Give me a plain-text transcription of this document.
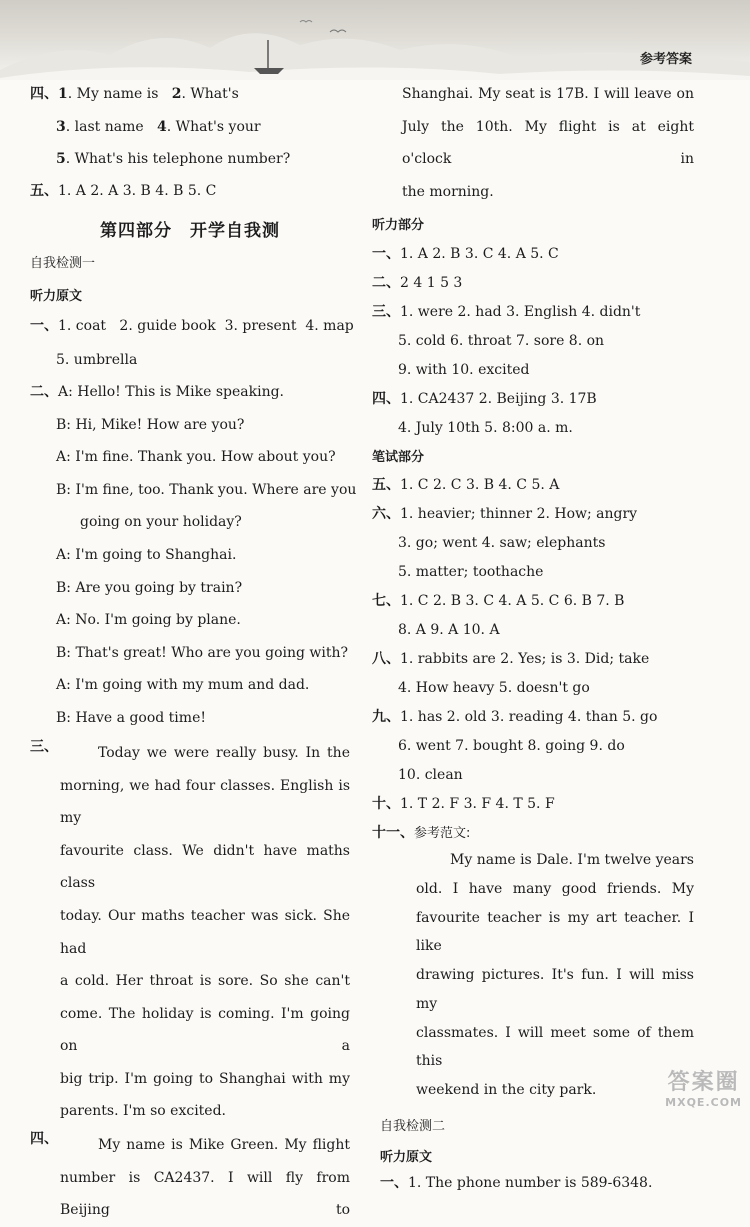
参考答案
四、1. My name is 2. What's
3. last name 4. What's your
5. What's his telephone number?
五、1. A 2. A 3. B 4. B 5. C
第四部分　开学自我测
自我检测一
听力原文
一、1. coat 2. guide book 3. present 4. map
5. umbrella
二、A: Hello! This is Mike speaking.
B: Hi, Mike! How are you?
A: I'm fine. Thank you. How about you?
B: I'm fine, too. Thank you. Where are you
going on your holiday?
A: I'm going to Shanghai.
B: Are you going by train?
A: No. I'm going by plane.
B: That's great! Who are you going with?
A: I'm going with my mum and dad.
B: Have a good time!
三、	Today we were really busy. In the
morning, we had four classes. English is my
favourite class. We didn't have maths class
today. Our maths teacher was sick. She had
a cold. Her throat is sore. So she can't
come. The holiday is coming. I'm going on a
big trip. I'm going to Shanghai with my
parents. I'm so excited.
四、	My name is Mike Green. My flight
number is CA2437. I will fly from Beijing to
Shanghai. My seat is 17B. I will leave on
July the 10th. My flight is at eight o'clock in
the morning.
听力部分
一、1. A 2. B 3. C 4. A 5. C
二、2 4 1 5 3
三、1. were 2. had 3. English 4. didn't
5. cold 6. throat 7. sore 8. on
9. with 10. excited
四、1. CA2437 2. Beijing 3. 17B
4. July 10th 5. 8:00 a. m.
笔试部分
五、1. C 2. C 3. B 4. C 5. A
六、1. heavier; thinner 2. How; angry
3. go; went 4. saw; elephants
5. matter; toothache
七、1. C 2. B 3. C 4. A 5. C 6. B 7. B
8. A 9. A 10. A
八、1. rabbits are 2. Yes; is 3. Did; take
4. How heavy 5. doesn't go
九、1. has 2. old 3. reading 4. than 5. go
6. went 7. bought 8. going 9. do
10. clean
十、1. T 2. F 3. F 4. T 5. F
十一、参考范文:
My name is Dale. I'm twelve years
old. I have many good friends. My
favourite teacher is my art teacher. I like
drawing pictures. It's fun. I will miss my
classmates. I will meet some of them this
weekend in the city park.
自我检测二
听力原文
一、1. The phone number is 589-6348.
答案圈
MXQE.COM
